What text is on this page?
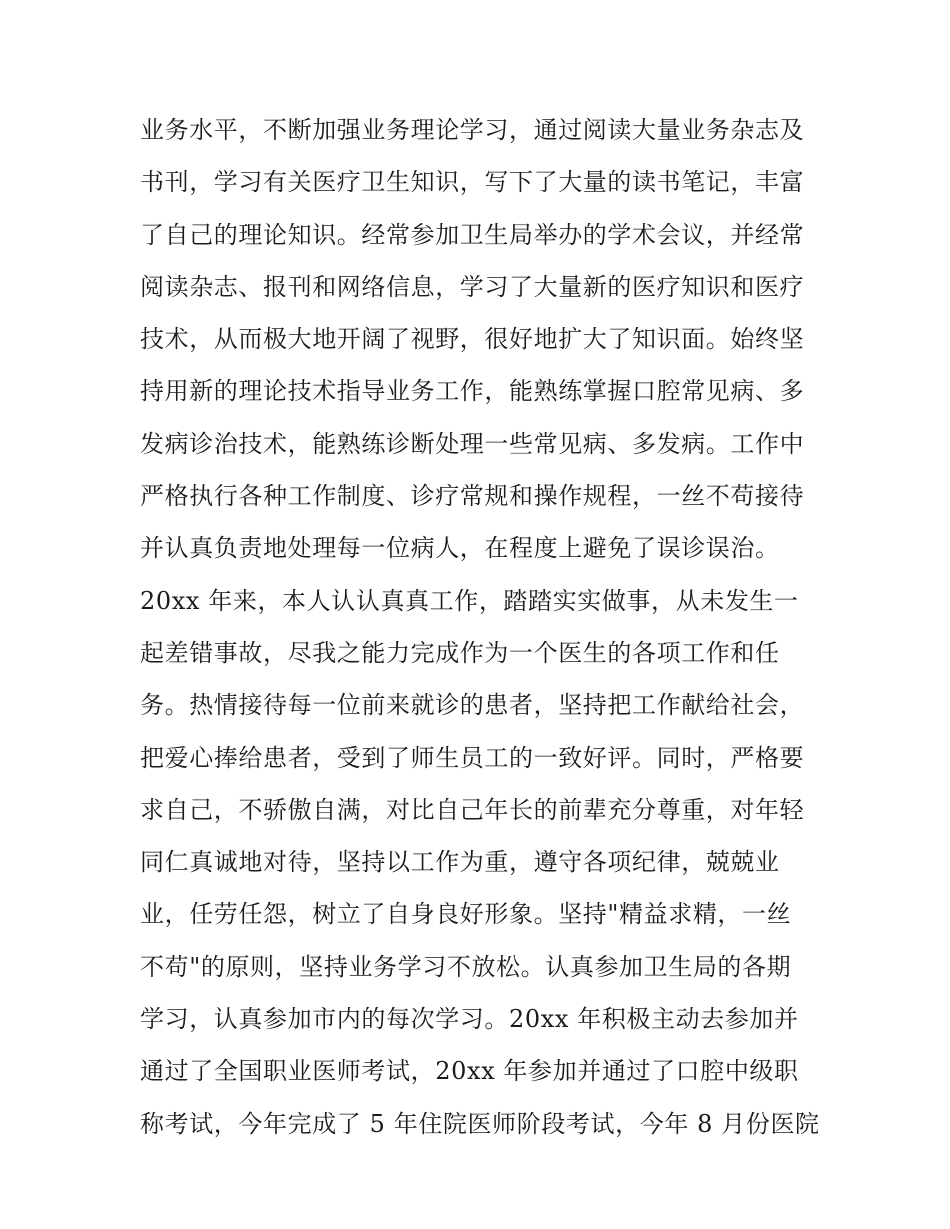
业务水平，不断加强业务理论学习，通过阅读大量业务杂志及
书刊，学习有关医疗卫生知识，写下了大量的读书笔记，丰富
了自己的理论知识。经常参加卫生局举办的学术会议，并经常
阅读杂志、报刊和网络信息，学习了大量新的医疗知识和医疗
技术，从而极大地开阔了视野，很好地扩大了知识面。始终坚
持用新的理论技术指导业务工作，能熟练掌握口腔常见病、多
发病诊治技术，能熟练诊断处理一些常见病、多发病。工作中
严格执行各种工作制度、诊疗常规和操作规程，一丝不苟接待
并认真负责地处理每一位病人，在程度上避免了误诊误治。
20xx 年来，本人认认真真工作，踏踏实实做事，从未发生一
起差错事故，尽我之能力完成作为一个医生的各项工作和任
务。热情接待每一位前来就诊的患者，坚持把工作献给社会，
把爱心捧给患者，受到了师生员工的一致好评。同时，严格要
求自己，不骄傲自满，对比自己年长的前辈充分尊重，对年轻
同仁真诚地对待，坚持以工作为重，遵守各项纪律，兢兢业
业，任劳任怨，树立了自身良好形象。坚持"精益求精，一丝
不苟"的原则，坚持业务学习不放松。认真参加卫生局的各期
学习，认真参加市内的每次学习。20xx 年积极主动去参加并
通过了全国职业医师考试，20xx 年参加并通过了口腔中级职
称考试，今年完成了 5 年住院医师阶段考试，今年 8 月份医院
